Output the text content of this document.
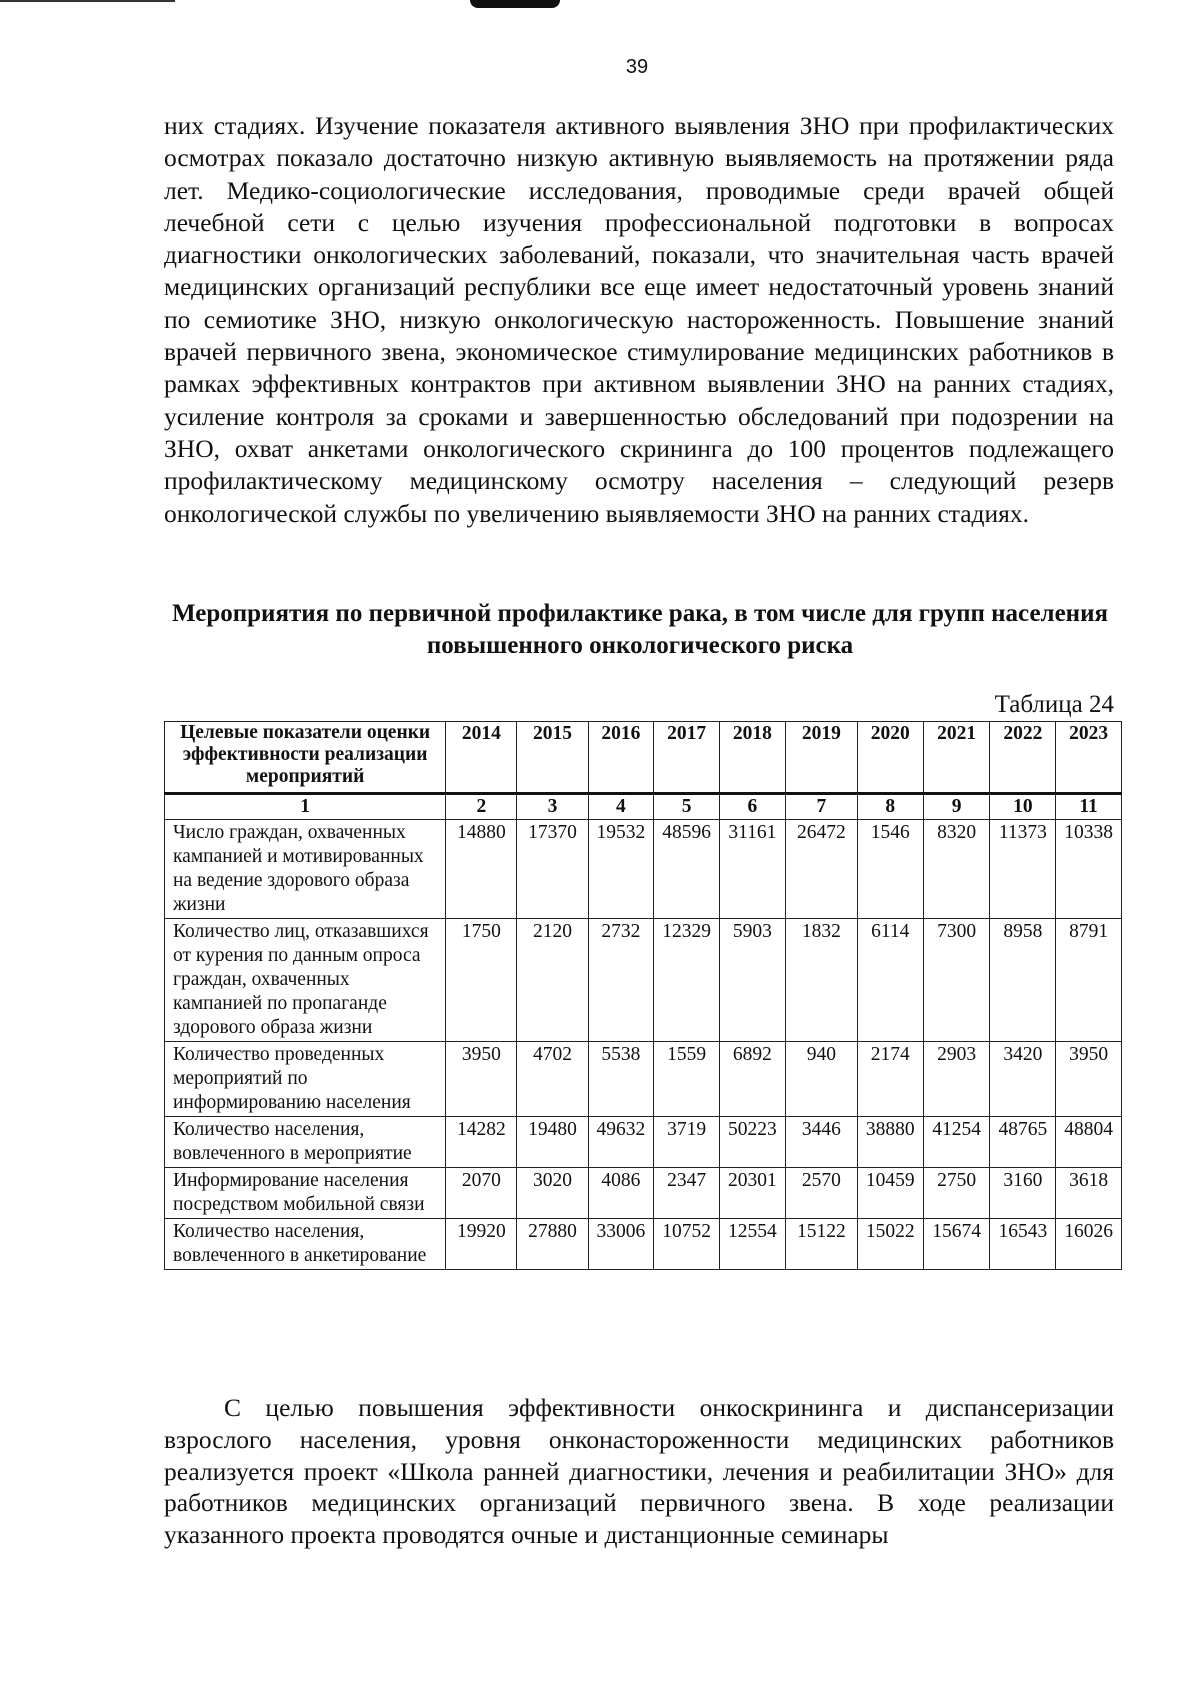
39

них стадиях. Изучение показателя активного выявления ЗНО при профилактических осмотрах показало достаточно низкую активную выявляемость на протяжении ряда лет. Медико-социологические исследования, проводимые среди врачей общей лечебной сети с целью изучения профессиональной подготовки в вопросах диагностики онкологических заболеваний, показали, что значительная часть врачей медицинских организаций республики все еще имеет недостаточный уровень знаний по семиотике ЗНО, низкую онкологическую настороженность. Повышение знаний врачей первичного звена, экономическое стимулирование медицинских работников в рамках эффективных контрактов при активном выявлении ЗНО на ранних стадиях, усиление контроля за сроками и завершенностью обследований при подозрении на ЗНО, охват анкетами онкологического скрининга до 100 процентов подлежащего профилактическому медицинскому осмотру населения – следующий резерв онкологической службы по увеличению выявляемости ЗНО на ранних стадиях.

Мероприятия по первичной профилактике рака, в том числе для групп населения повышенного онкологического риска
Таблица 24
Целевые показатели оценки эффективности реализации мероприятий	2014	2015	2016	2017	2018	2019	2020	2021	2022	2023
1	2	3	4	5	6	7	8	9	10	11
Число граждан, охваченных кампанией и мотивированных на ведение здорового образа жизни	14880	17370	19532	48596	31161	26472	1546	8320	11373	10338
Количество лиц, отказавшихся от курения по данным опроса граждан, охваченных кампанией по пропаганде здорового образа жизни	1750	2120	2732	12329	5903	1832	6114	7300	8958	8791
Количество проведенных мероприятий по информированию населения	3950	4702	5538	1559	6892	940	2174	2903	3420	3950
Количество населения, вовлеченного в мероприятие	14282	19480	49632	3719	50223	3446	38880	41254	48765	48804
Информирование населения посредством мобильной связи	2070	3020	4086	2347	20301	2570	10459	2750	3160	3618
Количество населения, вовлеченного в анкетирование	19920	27880	33006	10752	12554	15122	15022	15674	16543	16026

С целью повышения эффективности онкоскрининга и диспансеризации взрослого населения, уровня онконастороженности медицинских работников реализуется проект «Школа ранней диагностики, лечения и реабилитации ЗНО» для работников медицинских организаций первичного звена. В ходе реализации указанного проекта проводятся очные и дистанционные семинары
